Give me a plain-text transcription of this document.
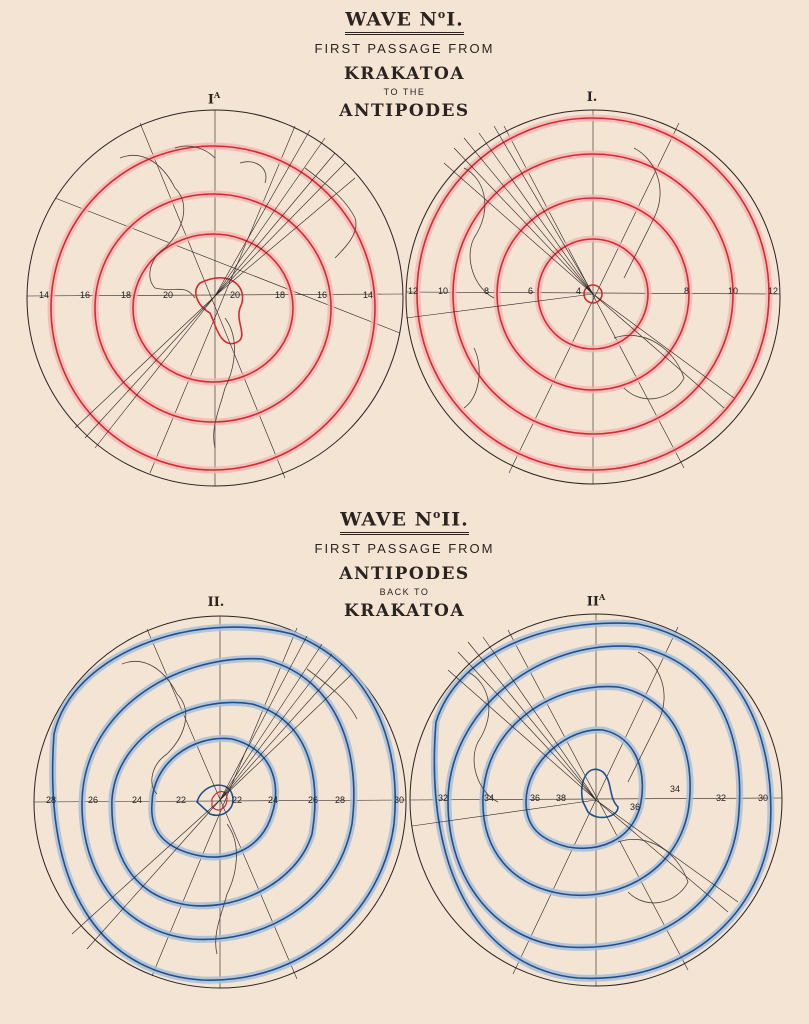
WAVE $N^oI$.
FIRST PASSAGE FROM
KRAKATOA
TO THE
ANTIPODES
WAVE $N^oII$.
FIRST PASSAGE FROM
ANTIPODES
BACK TO
KRAKATOA
$I^A$	I.
II.	$II^A$
14	16	18	20	20	18	16	14	12 10	8	6	4	8	10	12
28	26	24	22	22	24	26 28	30	32	34	36 38
36
34
32	30
